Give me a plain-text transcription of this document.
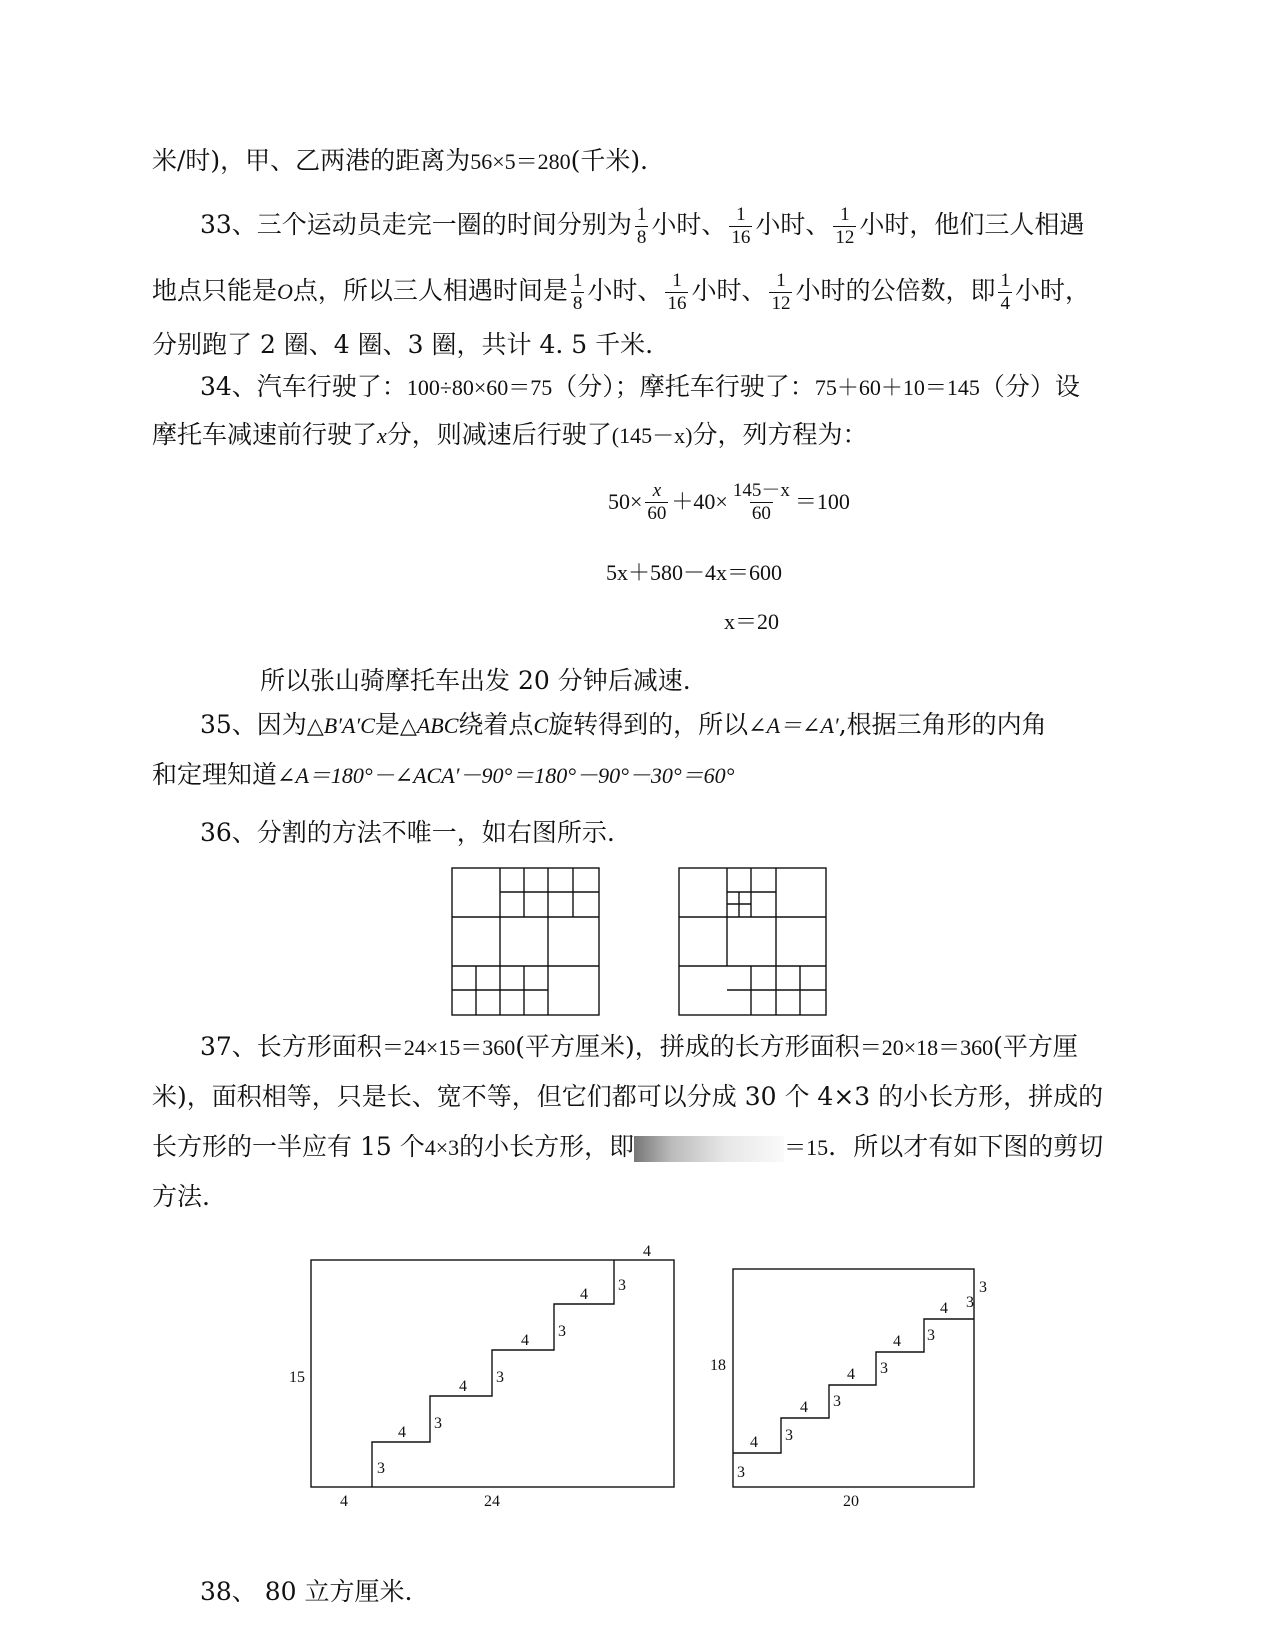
米/时)，甲、乙两港的距离为56×5＝280(千米)．
33、三个运动员走完一圈的时间分别为 $\frac{1}{8}$ 小时、 $\frac{1}{16}$ 小时、 $\frac{1}{12}$ 小时，他们三人相遇
地点只能是O点，所以三人相遇时间是 $\frac{1}{8}$ 小时、 $\frac{1}{16}$ 小时、 $\frac{1}{12}$ 小时的公倍数，即 $\frac{1}{4}$ 小时，
分别跑了 2 圈、4 圈、3 圈，共计 4. 5 千米.
34、汽车行驶了：100÷80×60＝75（分）；摩托车行驶了：75＋60＋10＝145（分）设
摩托车减速前行驶了x分，则减速后行驶了(145－x)分，列方程为：
$50\times \frac{x}{60} +40\times \frac{145-x}{60} =100$
5x＋580－4x＝600
x＝20
所以张山骑摩托车出发 20 分钟后减速.
35、因为△B′A′C是△ABC绕着点C旋转得到的，所以∠A＝∠A′,根据三角形的内角
和定理知道∠A＝180°－∠ACA′－90°＝180°－90°－30°＝60°
36、分割的方法不唯一，如右图所示.
37、长方形面积＝24×15＝360(平方厘米)，拼成的长方形面积＝20×18＝360(平方厘
米)，面积相等，只是长、宽不等，但它们都可以分成 30 个 4×3 的小长方形，拼成的
长方形的一半应有 15 个4×3的小长方形，即	＝15．所以才有如下图的剪切
方法.
38、 80 立方厘米.
15
4	24
4
3
4
3
4
3
4
3
4
3
18
20
3
3
4 3
4 3
4 3
4 3
4 3
